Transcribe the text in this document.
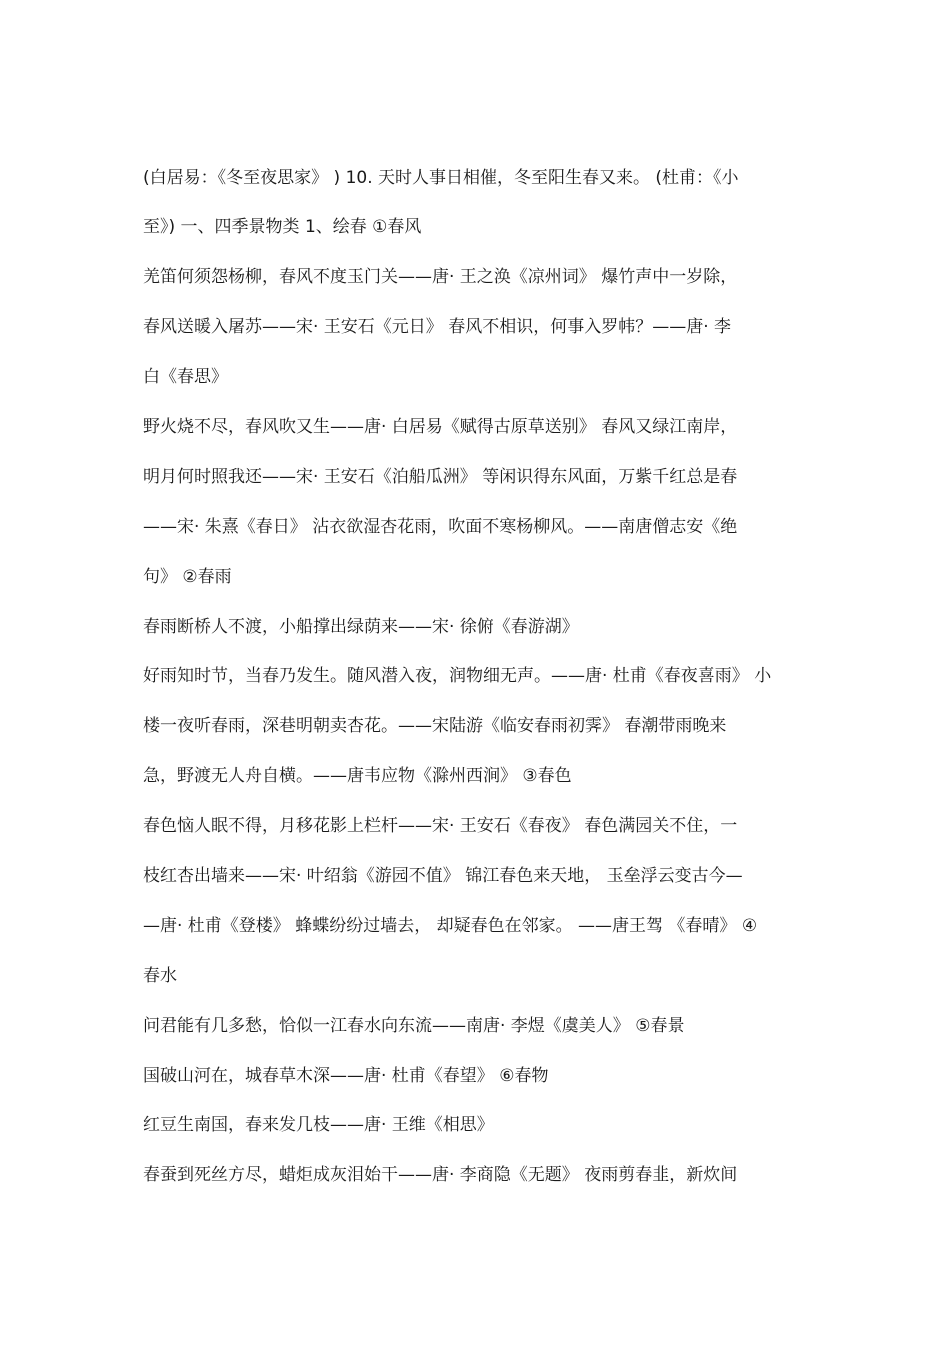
(白居易：《冬至夜思家》 ) 10. 天时人事日相催，冬至阳生春又来。 (杜甫：《小
至》) 一、四季景物类 1、绘春 ①春风
羌笛何须怨杨柳，春风不度玉门关——唐· 王之涣《凉州词》 爆竹声中一岁除，
春风送暖入屠苏——宋· 王安石《元日》 春风不相识，何事入罗帏？——唐· 李
白《春思》
野火烧不尽，春风吹又生——唐· 白居易《赋得古原草送别》 春风又绿江南岸，
明月何时照我还——宋· 王安石《泊船瓜洲》 等闲识得东风面，万紫千红总是春
——宋· 朱熹《春日》 沾衣欲湿杏花雨，吹面不寒杨柳风。——南唐僧志安《绝
句》 ②春雨
春雨断桥人不渡，小船撑出绿荫来——宋· 徐俯《春游湖》
好雨知时节，当春乃发生。随风潜入夜，润物细无声。——唐· 杜甫《春夜喜雨》 小
楼一夜听春雨，深巷明朝卖杏花。——宋陆游《临安春雨初霁》 春潮带雨晚来
急，野渡无人舟自横。——唐韦应物《滁州西涧》 ③春色
春色恼人眠不得，月移花影上栏杆——宋· 王安石《春夜》 春色满园关不住，一
枝红杏出墙来——宋· 叶绍翁《游园不值》 锦江春色来天地， 玉垒浮云变古今—
—唐· 杜甫《登楼》 蜂蝶纷纷过墙去， 却疑春色在邻家。 ——唐王驾 《春晴》 ④
春水
问君能有几多愁，恰似一江春水向东流——南唐· 李煜《虞美人》 ⑤春景
国破山河在，城春草木深——唐· 杜甫《春望》 ⑥春物
红豆生南国，春来发几枝——唐· 王维《相思》
春蚕到死丝方尽，蜡炬成灰泪始干——唐· 李商隐《无题》 夜雨剪春韭，新炊间
